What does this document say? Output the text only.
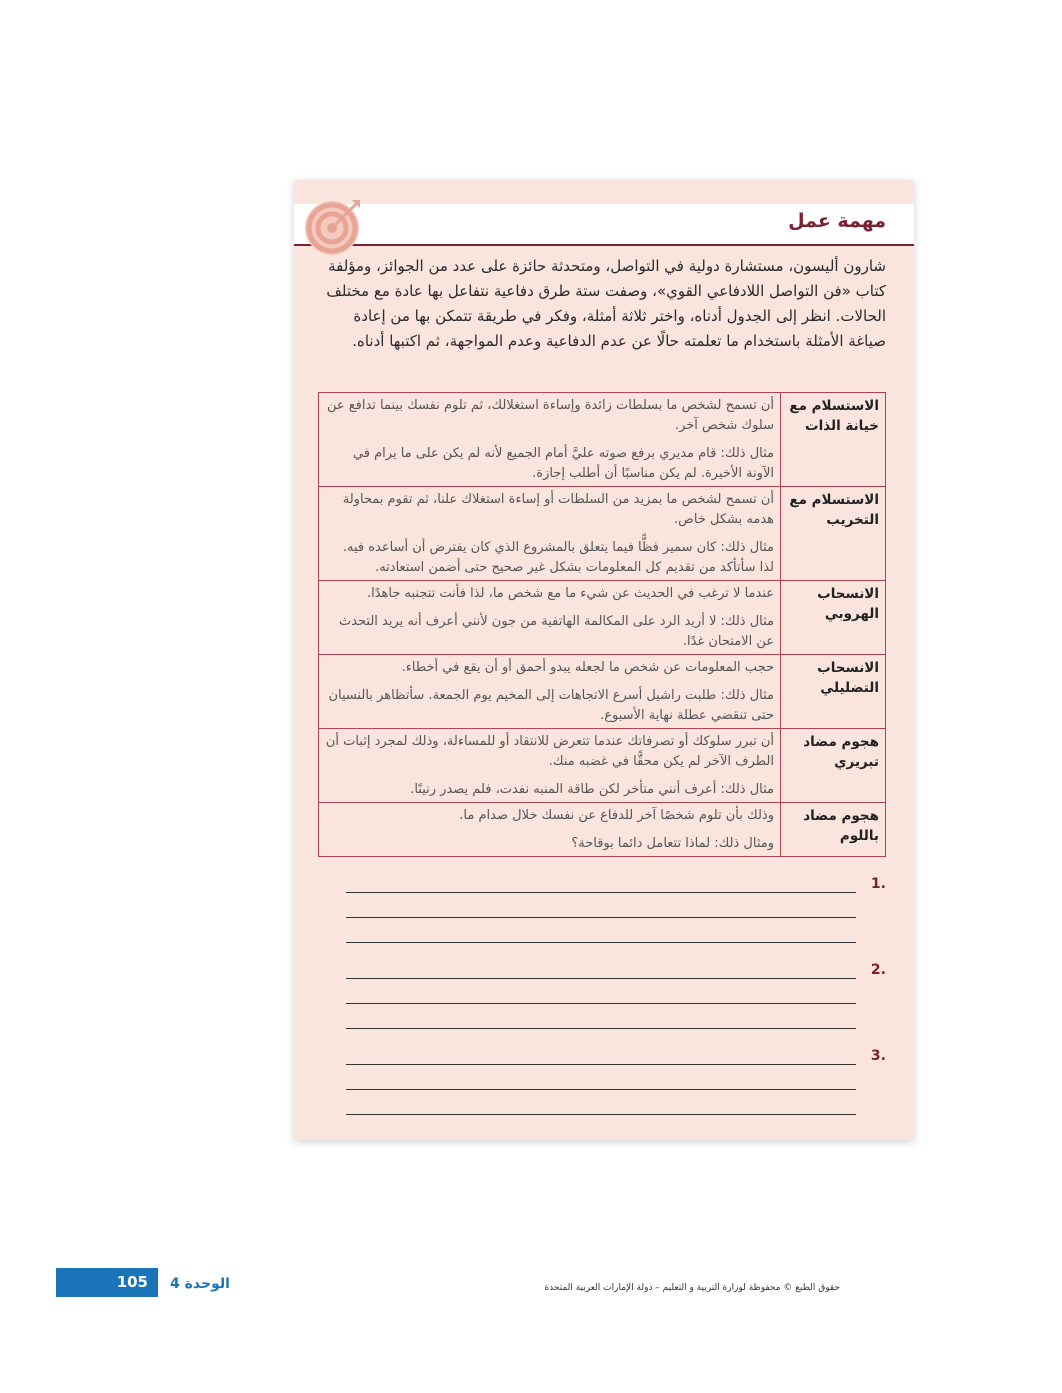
مهمة عمل

شارون أليسون، مستشارة دولية في التواصل، ومتحدثة حائزة على عدد من الجوائز، ومؤلفة كتاب «فن التواصل اللادفاعي القوي»، وصفت ستة طرق دفاعية نتفاعل بها عادة مع مختلف الحالات. انظر إلى الجدول أدناه، واختر ثلاثة أمثلة، وفكر في طريقة تتمكن بها من إعادة صياغة الأمثلة باستخدام ما تعلمته حالًا عن عدم الدفاعية وعدم المواجهة، ثم اكتبها أدناه.

الاستسلام مع خيانة الذات	أن تسمح لشخص ما بسلطات زائدة وإساءة استغلالك، ثم تلوم نفسك بينما تدافع عن سلوك شخص آخر.

مثال ذلك: قام مديري برفع صوته عليَّ أمام الجميع لأنه لم يكن على ما يرام في الآونة الأخيرة. لم يكن مناسبًا أن أطلب إجازة.

الاستسلام مع التخريب	أن تسمح لشخص ما بمزيد من السلطات أو إساءة استغلاك علنا، ثم تقوم بمحاولة هدمه بشكل خاص.

مثال ذلك: كان سمير فظًّا فيما يتعلق بالمشروع الذي كان يفترض أن أساعده فيه. لذا سأتأكد من تقديم كل المعلومات بشكل غير صحيح حتى أضمن استعادته.

الانسحاب الهروبي	عندما لا ترغب في الحديث عن شيء ما مع شخص ما، لذا فأنت تتجنبه جاهدًا.

مثال ذلك: لا أريد الرد على المكالمة الهاتفية من جون لأنني أعرف أنه يريد التحدث عن الامتحان غدًا.

الانسحاب التضليلي	حجب المعلومات عن شخص ما لجعله يبدو أحمق أو أن يقع في أخطاء.

مثال ذلك: طلبت راشيل أسرع الاتجاهات إلى المخيم يوم الجمعة. سأتظاهر بالنسيان حتى تنقضي عطلة نهاية الأسبوع.

هجوم مضاد تبريري	أن تبرر سلوكك أو تصرفاتك عندما تتعرض للانتقاد أو للمساءلة، وذلك لمجرد إثبات أن الطرف الآخر لم يكن محقًّا في غضبه منك.

مثال ذلك: أعرف أنني متأخر لكن طاقة المنبه نفدت، فلم يصدر رنينًا.

هجوم مضاد باللوم	وذلك بأن تلوم شخصًا آخر للدفاع عن نفسك خلال صدام ما.

ومثال ذلك: لماذا تتعامل دائما بوقاحة؟

.1
.2
.3
105	الوحدة 4	حقوق الطبع © محفوظة لوزارة التربية و التعليم – دولة الإمارات العربية المتحدة
